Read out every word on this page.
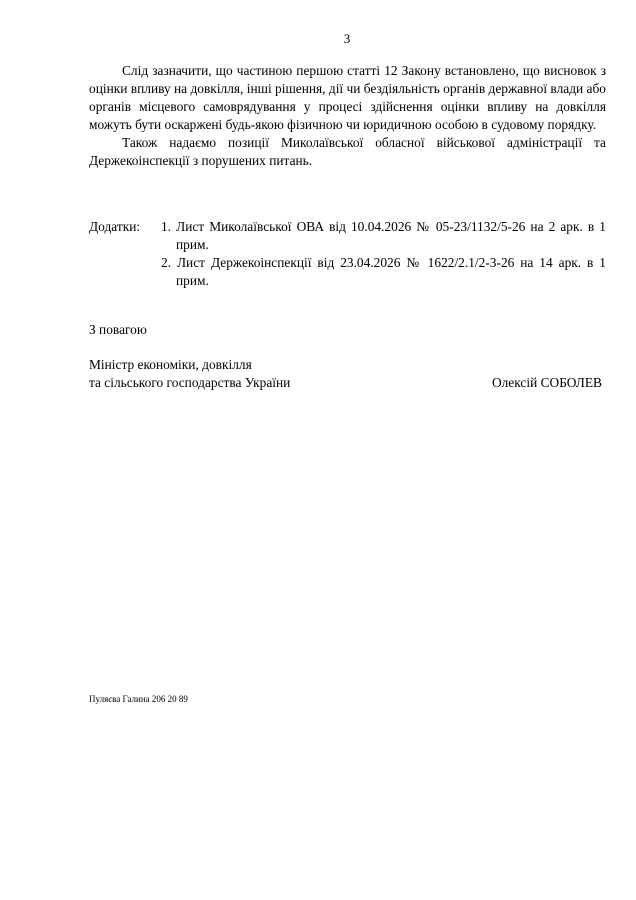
3

Слід зазначити, що частиною першою статті 12 Закону встановлено, що висновок з оцінки впливу на довкілля, інші рішення, дії чи бездіяльність органів державної влади або органів місцевого самоврядування у процесі здійснення оцінки впливу на довкілля можуть бути оскаржені будь-якою фізичною чи юридичною особою в судовому порядку.

Також надаємо позиції Миколаївської обласної військової адміністрації та Держекоінспекції з порушених питань.

Додатки:	1. Лист Миколаївської ОВА від 10.04.2026 № 05-23/1132/5-26 на 2 арк. в 1 прим.
2. Лист Держекоінспекції від 23.04.2026 № 1622/2.1/2-3-26 на 14 арк. в 1 прим.
З повагою
Міністр економіки, довкілля
та сільського господарства України	Олексій СОБОЛЕВ
Пуляєва Галина 206 20 89
